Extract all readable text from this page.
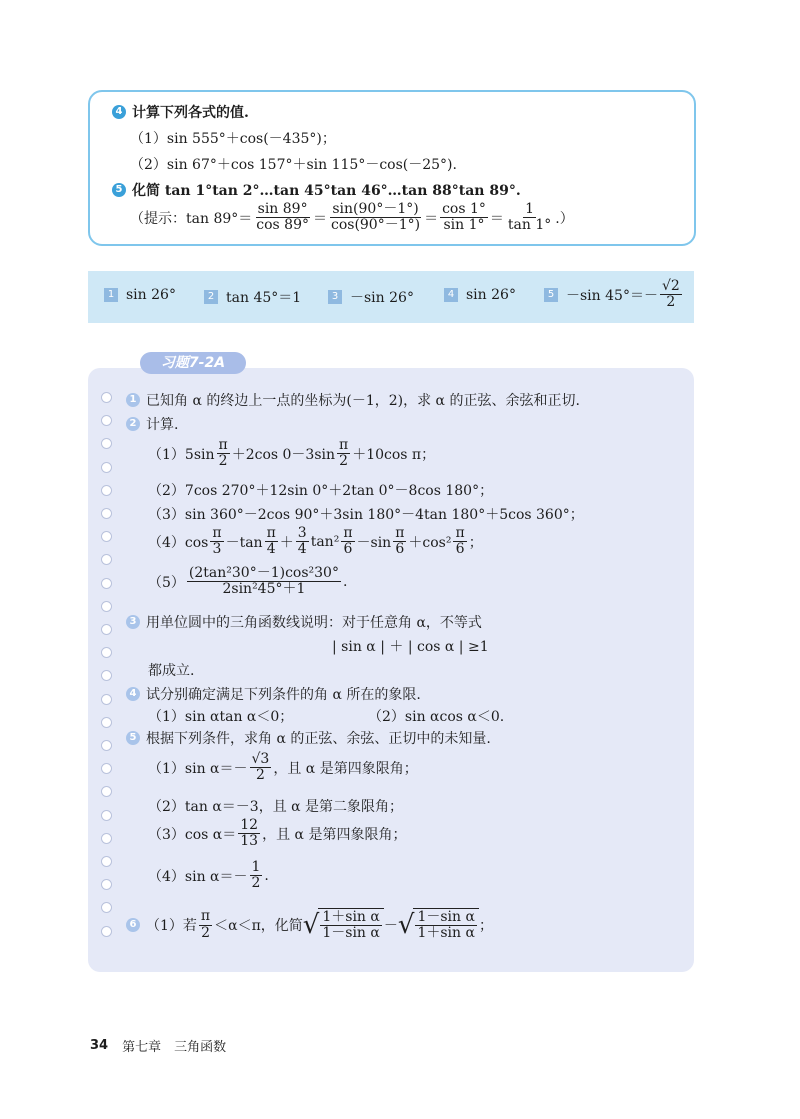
4 计算下列各式的值.
（1）sin 555°＋cos(－435°)；
（2）sin 67°＋cos 157°＋sin 115°－cos(－25°).
5 化简 tan 1°tan 2°…tan 45°tan 46°…tan 88°tan 89°.
（提示：$\tan 89^\circ= \frac{\sin 89^\circ}{\cos 89^\circ} = \frac{\sin(90^\circ-1^\circ)}{\cos(90^\circ-1^\circ)} = \frac{\cos 1^\circ}{\sin 1^\circ} = \frac{1}{\tan 1^\circ}$ .）
1 sin 26°	2 tan 45°＝1	3 －sin 26°	4 sin 26°	5 －sin $45^\circ=- \frac{√2}{2}$
习题7-2A
1 已知角 α 的终边上一点的坐标为(－1，2)，求 α 的正弦、余弦和正切.
2 计算.
$(1)5\sin \frac{\pi}{2} +2\cos$ $0-3\sin \frac{\pi}{2} +10\cos$ π；
（2）7cos 270°＋12sin 0°＋2tan 0°－8cos 180°；
（3）sin 360°－2cos 90°＋3sin 180°－4tan 180°＋5cos 360°；
$(4)\cos \frac{\pi}{3} -\tan \frac{\pi}{4} + \frac{3}{4} \tan^2 \frac{\pi}{6} -\sin \frac{\pi}{6} +\cos^2 \frac{\pi}{6}$ ；
$(5) \frac{\text{(2tan²30°－1)cos²30°}}{\text{2sin²45°＋1}}$ .
3 用单位圆中的三角函数线说明：对于任意角 α，不等式
| sin α | ＋ | cos α | ≥1
都成立.
4 试分别确定满足下列条件的角 α 所在的象限.
（1）sin αtan α＜0；	（2）sin αcos α＜0.
5 根据下列条件，求角 α 的正弦、余弦、正切中的未知量.
（1）sin $\alpha=- \frac{√3}{2}$ ，且 α 是第四象限角；
（2）tan α＝－3，且 α 是第二象限角；
（3）cos $\alpha= \frac{12}{13}$ ，且 α 是第四象限角；
（4）sin $\alpha=- \frac{1}{2}$ .
6 （1）若 $\frac{\pi}{2} <\alpha<\pi$，化简 √ $\frac{\text{1＋sin α}}{\text{1－sin α}}$ － √ $\frac{\text{1－sin α}}{\text{1＋sin α}}$ ；
34 第七章　三角函数
